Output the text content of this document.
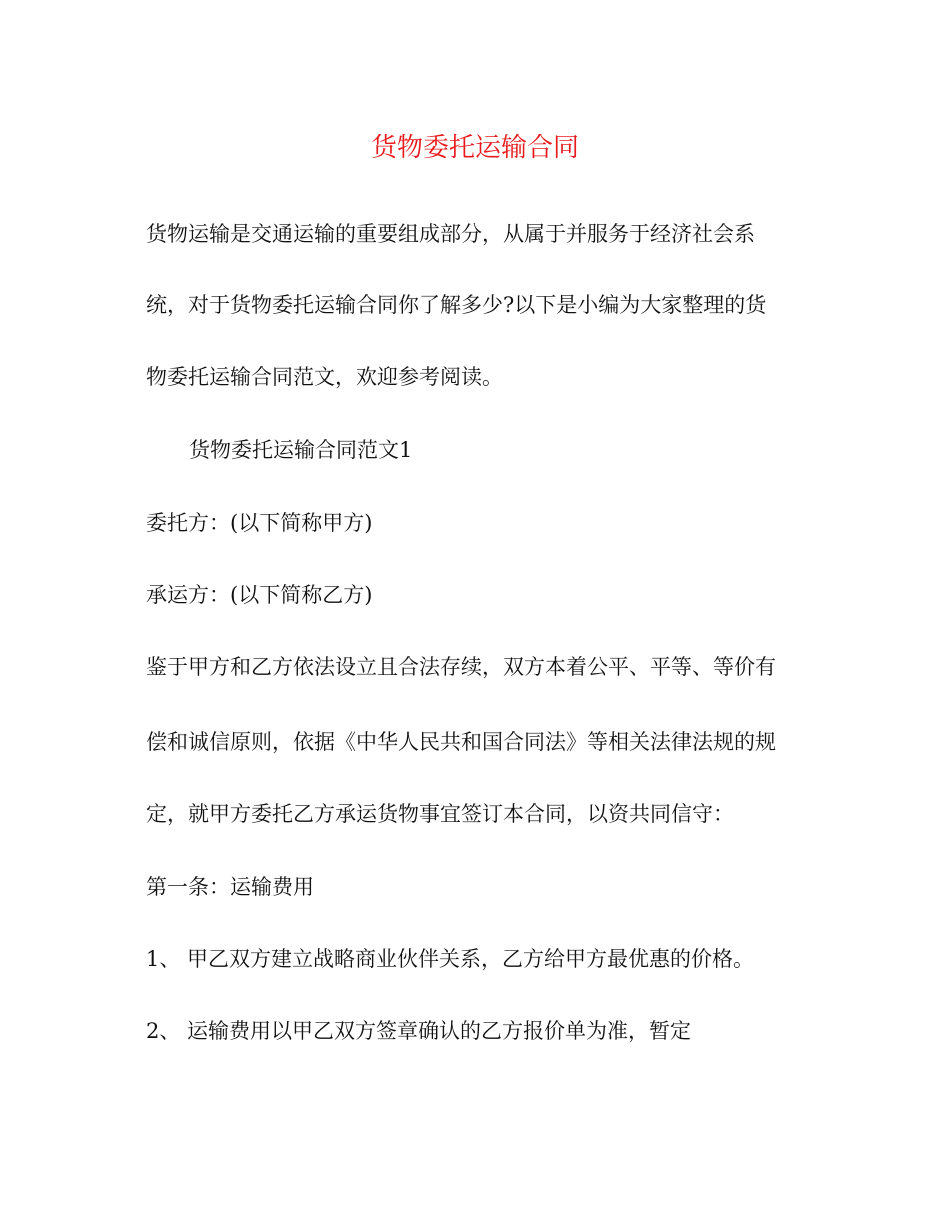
货物委托运输合同
货物运输是交通运输的重要组成部分，从属于并服务于经济社会系
统，对于货物委托运输合同你了解多少?以下是小编为大家整理的货
物委托运输合同范文，欢迎参考阅读。
货物委托运输合同范文1
委托方：(以下简称甲方)
承运方：(以下简称乙方)
鉴于甲方和乙方依法设立且合法存续，双方本着公平、平等、等价有
偿和诚信原则，依据《中华人民共和国合同法》等相关法律法规的规
定，就甲方委托乙方承运货物事宜签订本合同，以资共同信守：
第一条：运输费用
1、 甲乙双方建立战略商业伙伴关系，乙方给甲方最优惠的价格。
2、 运输费用以甲乙双方签章确认的乙方报价单为准，暂定
